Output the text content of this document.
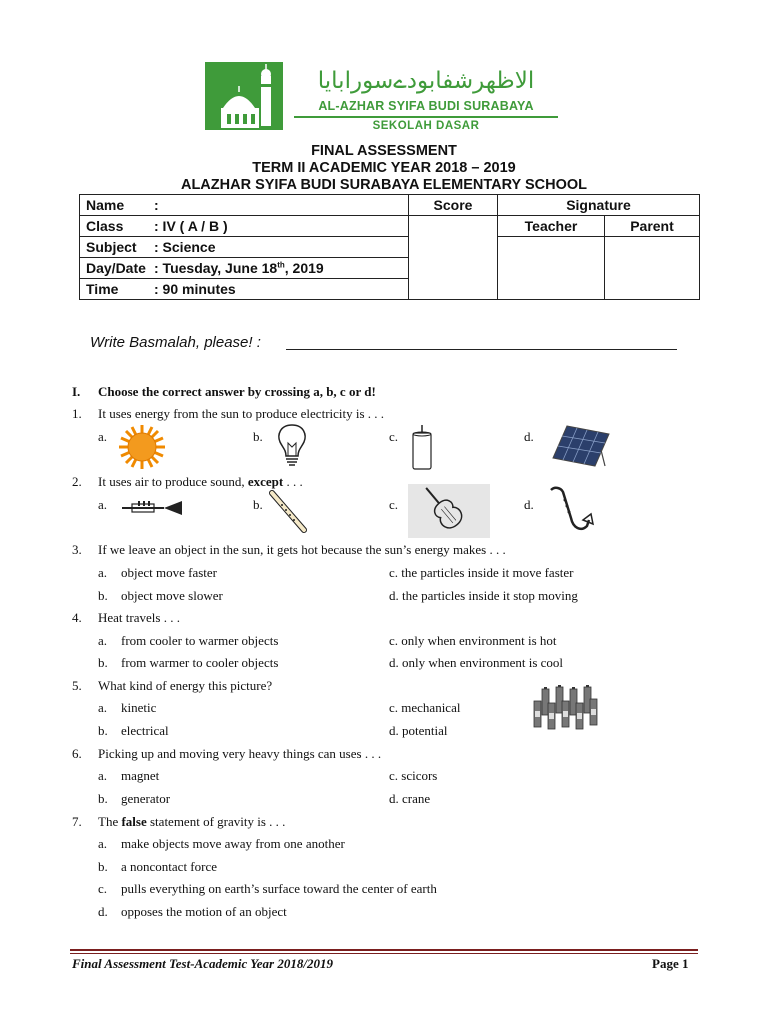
الاظهرشفابودےسورابايا
AL-AZHAR SYIFA BUDI SURABAYA
SEKOLAH DASAR
FINAL ASSESSMENT
TERM II ACADEMIC YEAR 2018 – 2019
ALAZHAR SYIFA BUDI SURABAYA ELEMENTARY SCHOOL
Name :	Score	Signature	
Class : IV ( A / B )		Teacher	Parent
Subject : Science			
Day/Date : Tuesday, June 18th, 2019			
Time : 90 minutes			
Write Basmalah, please! :
I. Choose the correct answer by crossing a, b, c or d!
1. It uses energy from the sun to produce electricity is . . .
a.	b.	c.	d.
2. It uses air to produce sound, except . . .
a.	b.	c.	d.
3. If we leave an object in the sun, it gets hot because the sun’s energy makes . . .
a. object move faster	c. the particles inside it move faster
b. object move slower	d. the particles inside it stop moving
4. Heat travels . . .
a. from cooler to warmer objects	c. only when environment is hot
b. from warmer to cooler objects	d. only when environment is cool
5. What kind of energy this picture?
a. kinetic	c. mechanical
b. electrical	d. potential
6. Picking up and moving very heavy things can uses . . .
a. magnet	c. scicors
b. generator	d. crane
7. The false statement of gravity is . . .
a. make objects move away from one another
b. a noncontact force
c. pulls everything on earth’s surface toward the center of earth
d. opposes the motion of an object
Final Assessment Test-Academic Year 2018/2019	Page 1
